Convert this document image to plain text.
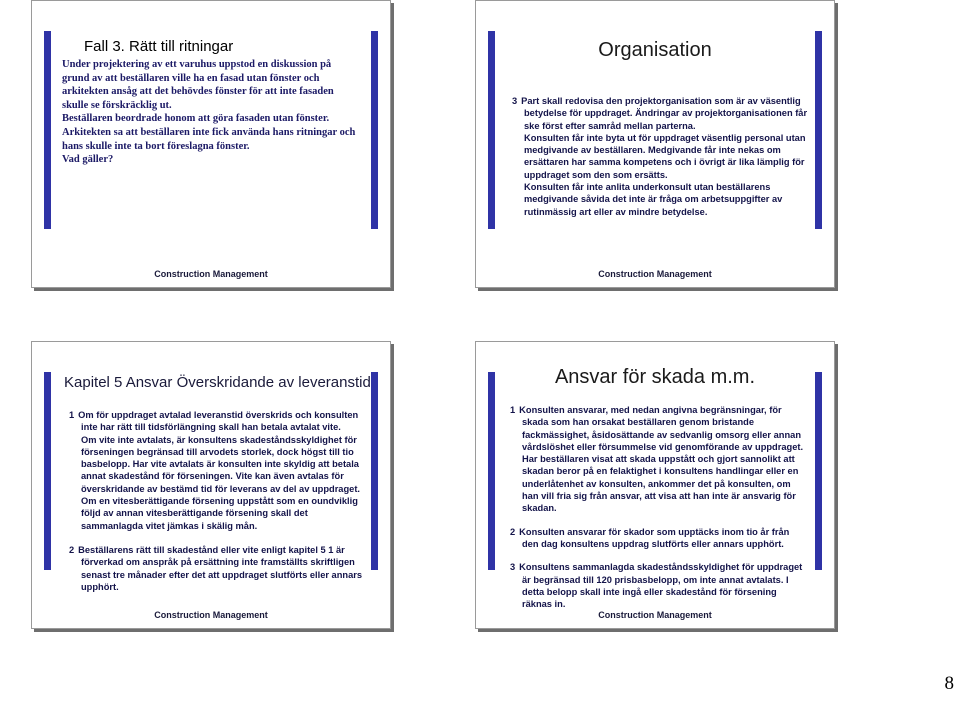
Fall 3. Rätt till ritningar

Under projektering av ett varuhus uppstod en diskussion på grund av att beställaren ville ha en fasad utan fönster och arkitekten ansåg att det behövdes fönster för att inte fasaden skulle se förskräcklig ut.

Beställaren beordrade honom att göra fasaden utan fönster.

Arkitekten sa att beställaren inte fick använda hans ritningar och hans skulle inte ta bort föreslagna fönster.

Vad gäller?

Construction Management
Organisation

3 Part skall redovisa den projektorganisation som är av väsentlig betydelse för uppdraget. Ändringar av projektorganisationen får ske först efter samråd mellan parterna.

Konsulten får inte byta ut för uppdraget väsentlig personal utan medgivande av beställaren. Medgivande får inte nekas om ersättaren har samma kompetens och i övrigt är lika lämplig för uppdraget som den som ersätts.

Konsulten får inte anlita underkonsult utan beställarens medgivande såvida det inte är fråga om arbetsuppgifter av rutinmässig art eller av mindre betydelse.

Construction Management
Kapitel 5 Ansvar Överskridande av leveranstid

1 Om för uppdraget avtalad leveranstid överskrids och konsulten inte har rätt till tidsförlängning skall han betala avtalat vite.

Om vite inte avtalats, är konsultens skadeståndsskyldighet för förseningen begränsad till arvodets storlek, dock högst till tio basbelopp. Har vite avtalats är konsulten inte skyldig att betala annat skadestånd för förseningen. Vite kan även avtalas för överskridande av bestämd tid för leverans av del av uppdraget. Om en vitesberättigande försening uppstått som en oundviklig följd av annan vitesberättigande försening skall det sammanlagda vitet jämkas i skälig mån.

2 Beställarens rätt till skadestånd eller vite enligt kapitel 5 1 är förverkad om anspråk på ersättning inte framställts skriftligen senast tre månader efter det att uppdraget slutförts eller annars upphört.

Construction Management
Ansvar för skada m.m.

1 Konsulten ansvarar, med nedan angivna begränsningar, för skada som han orsakat beställaren genom bristande fackmässighet, åsidosättande av sedvanlig omsorg eller annan vårdslöshet eller försummelse vid genomförande av uppdraget. Har beställaren visat att skada uppstått och gjort sannolikt att skadan beror på en felaktighet i konsultens handlingar eller en underlåtenhet av konsulten, ankommer det på konsulten, om han vill fria sig från ansvar, att visa att han inte är ansvarig för skadan.

2 Konsulten ansvarar för skador som upptäcks inom tio år från den dag konsultens uppdrag slutförts eller annars upphört.

3 Konsultens sammanlagda skadeståndsskyldighet för uppdraget är begränsad till 120 prisbasbelopp, om inte annat avtalats. I detta belopp skall inte ingå eller skadestånd för försening räknas in.

Construction Management
8
